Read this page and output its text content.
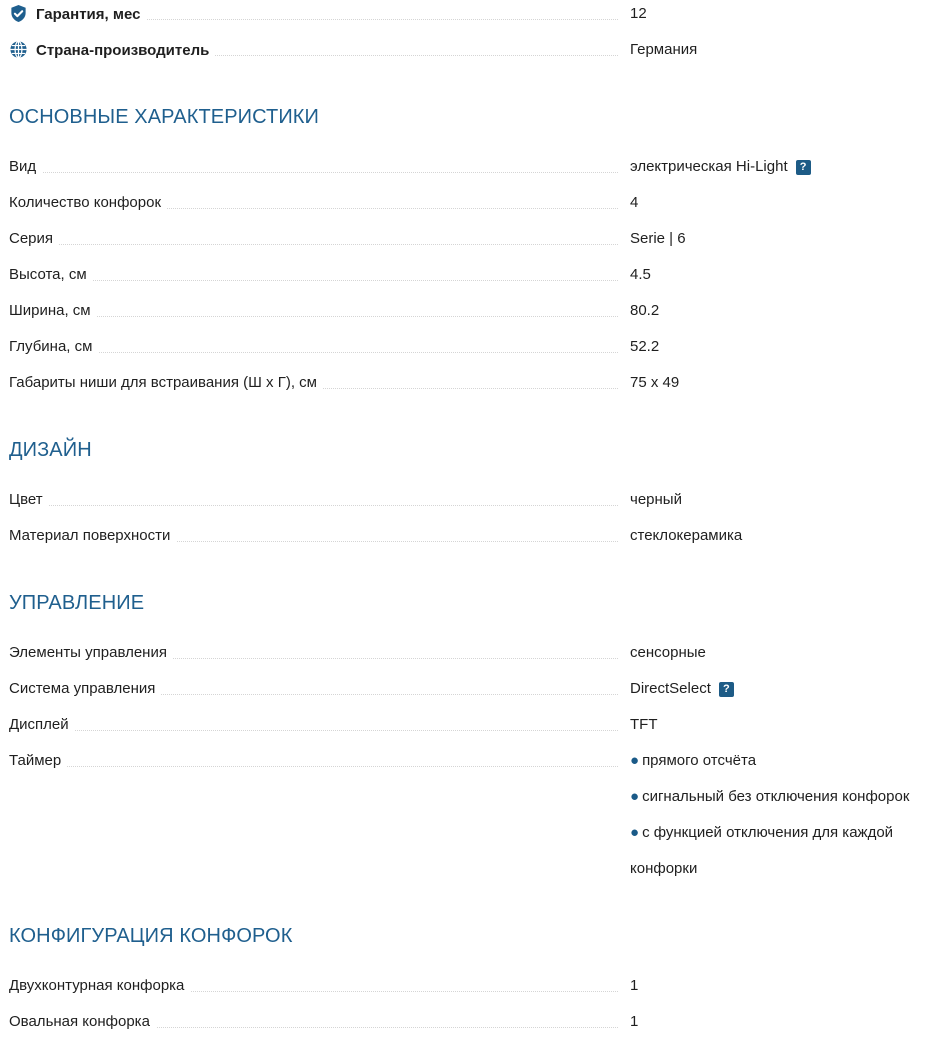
Гарантия, мес	12
Страна-производитель	Германия
ОСНОВНЫЕ ХАРАКТЕРИСТИКИ
Вид	электрическая Hi-Light ?
Количество конфорок	4
Серия	Serie | 6
Высота, см	4.5
Ширина, см	80.2
Глубина, см	52.2
Габариты ниши для встраивания (Ш x Г), см	75 x 49
ДИЗАЙН
Цвет	черный
Материал поверхности	стеклокерамика
УПРАВЛЕНИЕ
Элементы управления	сенсорные
Система управления	DirectSelect ?
Дисплей	TFT
Таймер	● прямого отсчёта
● сигнальный без отключения конфорок
● с функцией отключения для каждой
конфорки
КОНФИГУРАЦИЯ КОНФОРОК
Двухконтурная конфорка	1
Овальная конфорка	1
